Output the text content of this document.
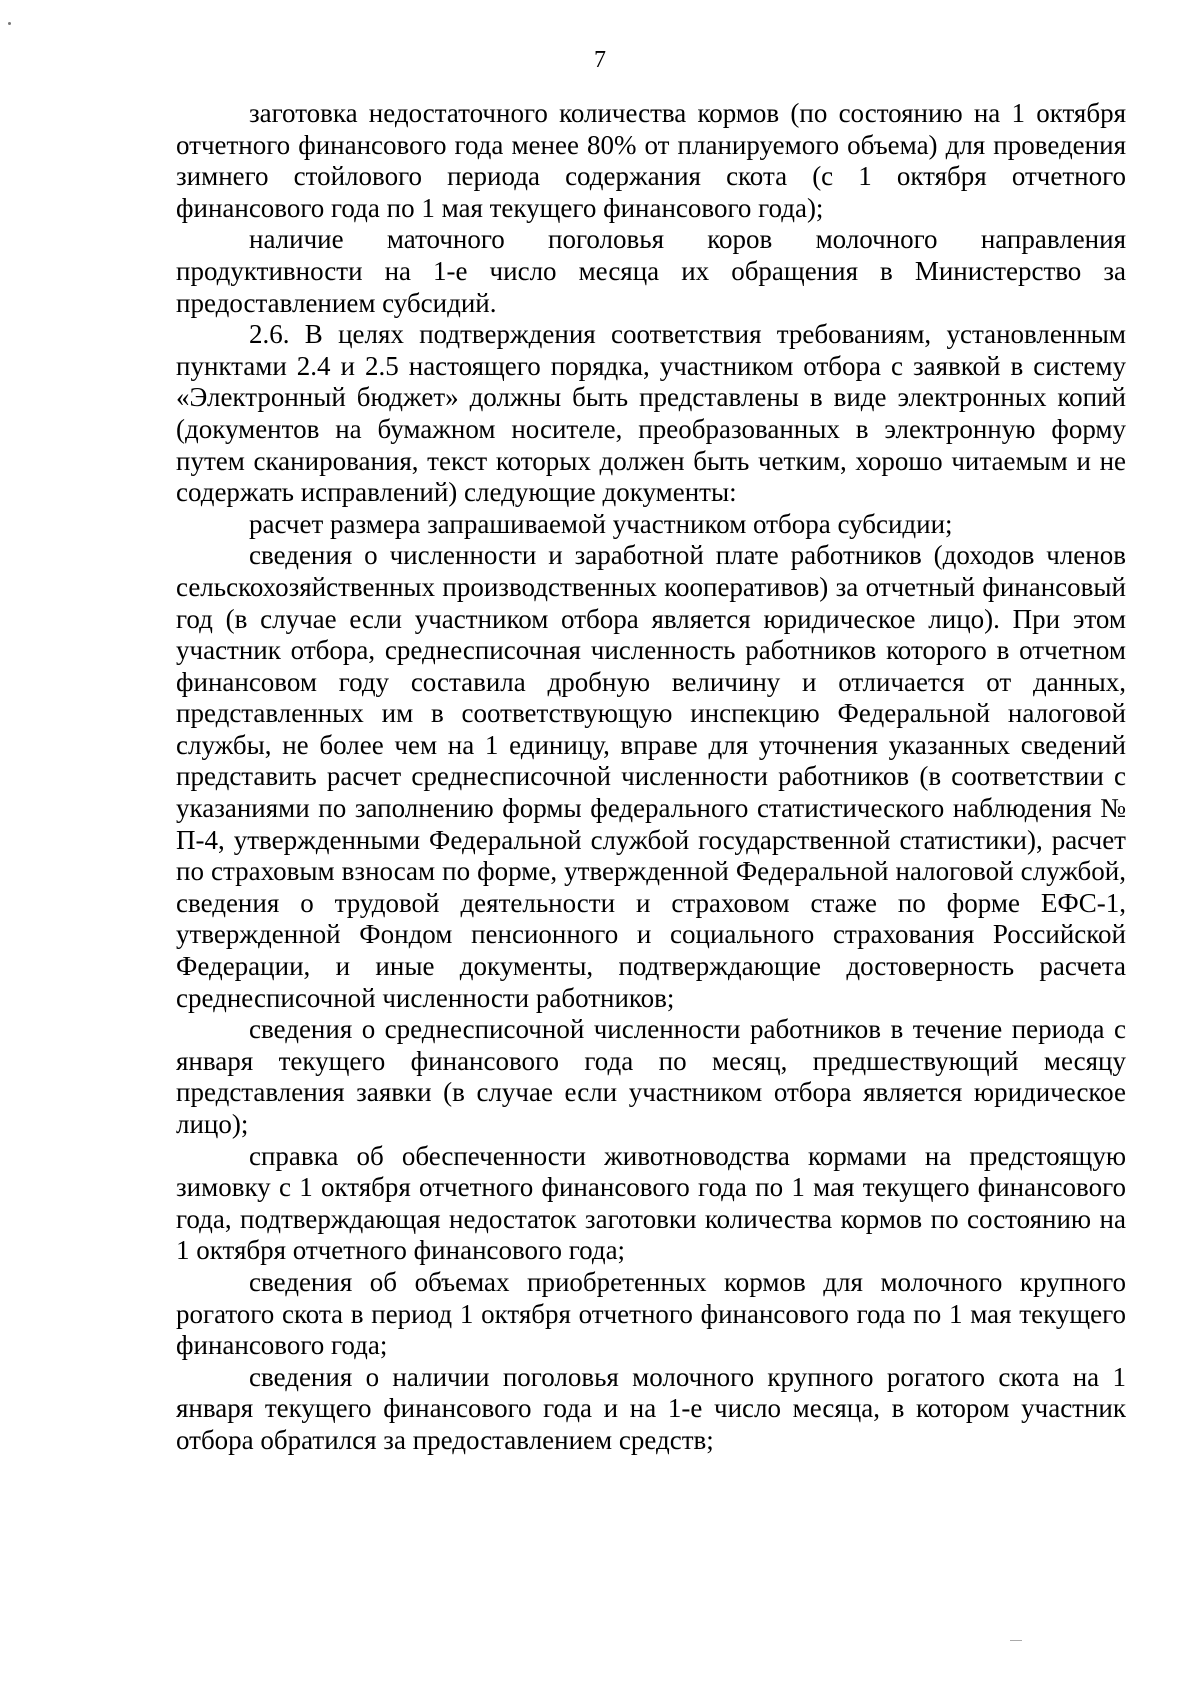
7

заготовка недостаточного количества кормов (по состоянию на 1 октября отчетного финансового года менее 80% от планируемого объема) для проведения зимнего стойлового периода содержания скота (с 1 октября отчетного финансового года по 1 мая текущего финансового года);

наличие маточного поголовья коров молочного направления продуктивности на 1-е число месяца их обращения в Министерство за предоставлением субсидий.

2.6. В целях подтверждения соответствия требованиям, установленным пунктами 2.4 и 2.5 настоящего порядка, участником отбора с заявкой в систему «Электронный бюджет» должны быть представлены в виде электронных копий (документов на бумажном носителе, преобразованных в электронную форму путем сканирования, текст которых должен быть четким, хорошо читаемым и не содержать исправлений) следующие документы:

расчет размера запрашиваемой участником отбора субсидии;

сведения о численности и заработной плате работников (доходов членов сельскохозяйственных производственных кооперативов) за отчетный финансовый год (в случае если участником отбора является юридическое лицо). При этом участник отбора, среднесписочная численность работников которого в отчетном финансовом году составила дробную величину и отличается от данных, представленных им в соответствующую инспекцию Федеральной налоговой службы, не более чем на 1 единицу, вправе для уточнения указанных сведений представить расчет среднесписочной численности работников (в соответствии с указаниями по заполнению формы федерального статистического наблюдения № П-4, утвержденными Федеральной службой государственной статистики), расчет по страховым взносам по форме, утвержденной Федеральной налоговой службой, сведения о трудовой деятельности и страховом стаже по форме ЕФС-1, утвержденной Фондом пенсионного и социального страхования Российской Федерации, и иные документы, подтверждающие достоверность расчета среднесписочной численности работников;

сведения о среднесписочной численности работников в течение периода с января текущего финансового года по месяц, предшествующий месяцу представления заявки (в случае если участником отбора является юридическое лицо);

справка об обеспеченности животноводства кормами на предстоящую зимовку с 1 октября отчетного финансового года по 1 мая текущего финансового года, подтверждающая недостаток заготовки количества кормов по состоянию на 1 октября отчетного финансового года;

сведения об объемах приобретенных кормов для молочного крупного рогатого скота в период 1 октября отчетного финансового года по 1 мая текущего финансового года;

сведения о наличии поголовья молочного крупного рогатого скота на 1 января текущего финансового года и на 1-е число месяца, в котором участник отбора обратился за предоставлением средств;
